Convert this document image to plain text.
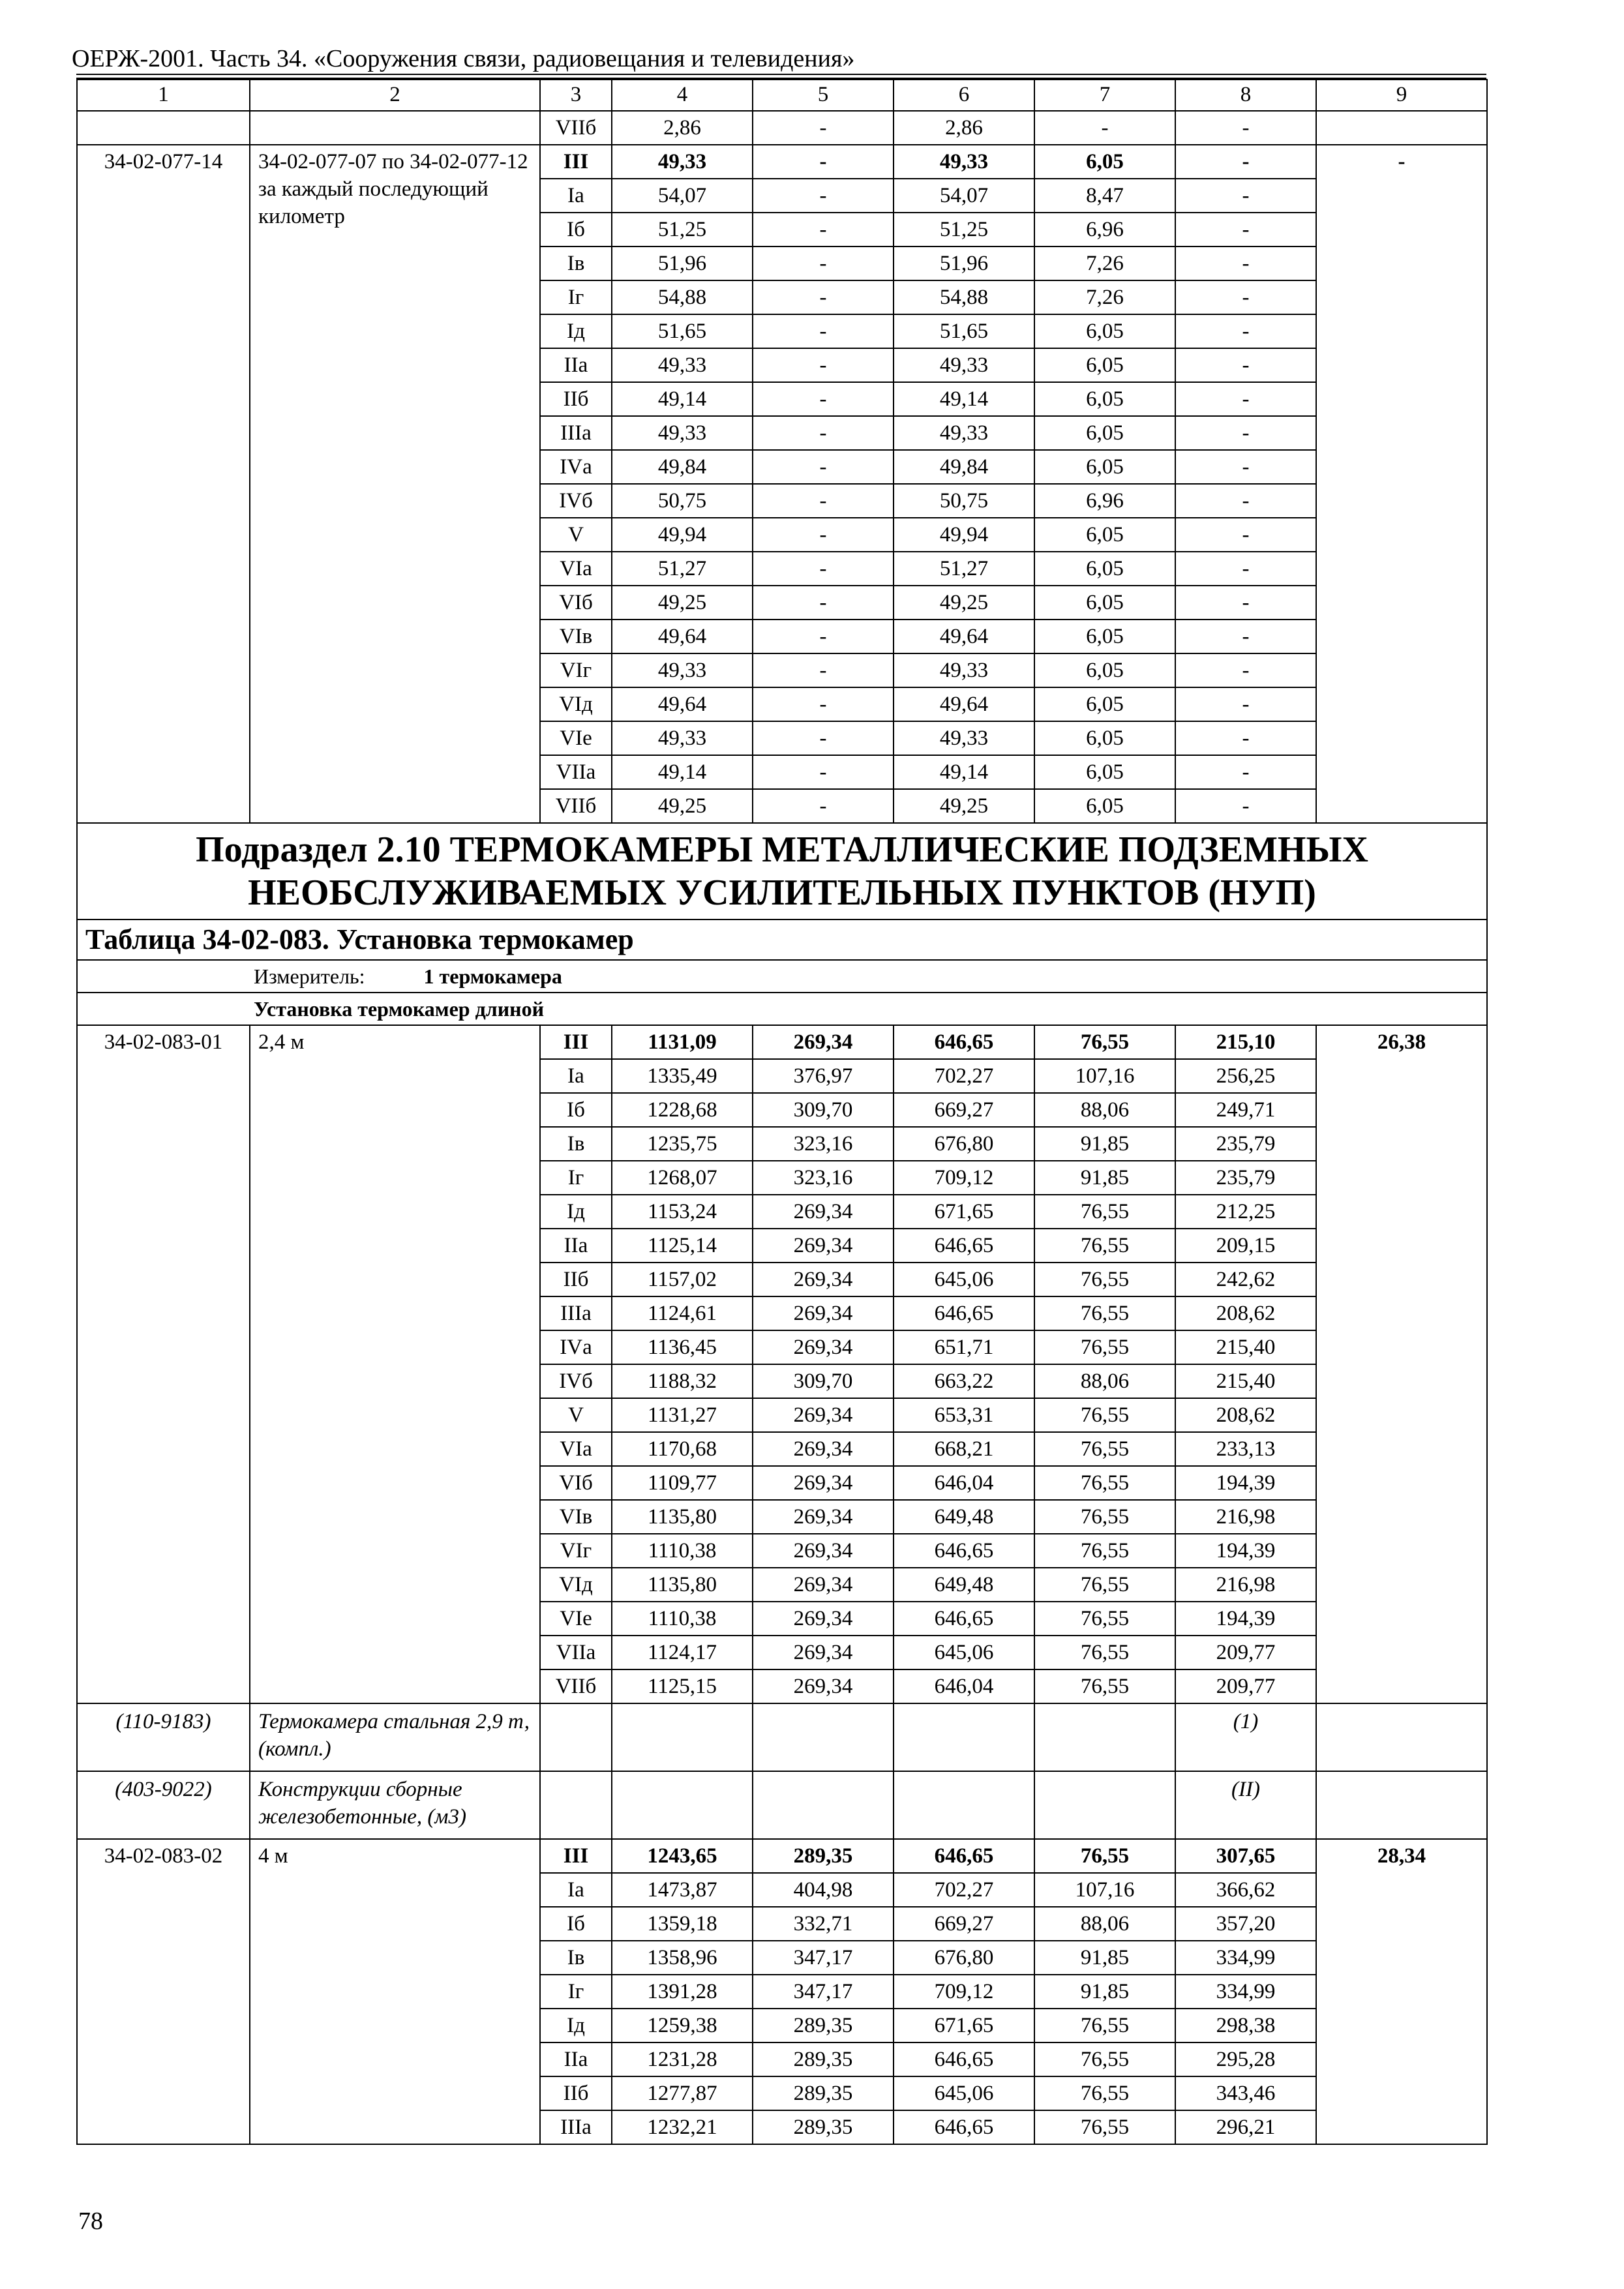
ОЕРЖ-2001. Часть 34. «Сооружения связи, радиовещания и телевидения»
1	2	3	4	5	6	7	8	9
		VIIб	2,86	-	2,86	-	-	
34-02-077-14	34-02-077-07 по 34-02-077-12 за каждый последующий километр	III	49,33	-	49,33	6,05	-	-
		Iа	54,07	-	54,07	8,47	-	
		Iб	51,25	-	51,25	6,96	-	
		Iв	51,96	-	51,96	7,26	-	
		Iг	54,88	-	54,88	7,26	-	
		Iд	51,65	-	51,65	6,05	-	
		IIа	49,33	-	49,33	6,05	-	
		IIб	49,14	-	49,14	6,05	-	
		IIIа	49,33	-	49,33	6,05	-	
		IVа	49,84	-	49,84	6,05	-	
		IVб	50,75	-	50,75	6,96	-	
		V	49,94	-	49,94	6,05	-	
		VIа	51,27	-	51,27	6,05	-	
		VIб	49,25	-	49,25	6,05	-	
		VIв	49,64	-	49,64	6,05	-	
		VIг	49,33	-	49,33	6,05	-	
		VIд	49,64	-	49,64	6,05	-	
		VIе	49,33	-	49,33	6,05	-	
		VIIа	49,14	-	49,14	6,05	-	
		VIIб	49,25	-	49,25	6,05	-	
Подраздел 2.10 ТЕРМОКАМЕРЫ МЕТАЛЛИЧЕСКИЕ ПОДЗЕМНЫХ НЕОБСЛУЖИВАЕМЫХ УСИЛИТЕЛЬНЫХ ПУНКТОВ (НУП)								
Таблица 34-02-083. Установка термокамер								
Измеритель: 1 термокамера								
Установка термокамер длиной								
34-02-083-01	2,4 м	III	1131,09	269,34	646,65	76,55	215,10	26,38
		Iа	1335,49	376,97	702,27	107,16	256,25	
		Iб	1228,68	309,70	669,27	88,06	249,71	
		Iв	1235,75	323,16	676,80	91,85	235,79	
		Iг	1268,07	323,16	709,12	91,85	235,79	
		Iд	1153,24	269,34	671,65	76,55	212,25	
		IIа	1125,14	269,34	646,65	76,55	209,15	
		IIб	1157,02	269,34	645,06	76,55	242,62	
		IIIа	1124,61	269,34	646,65	76,55	208,62	
		IVа	1136,45	269,34	651,71	76,55	215,40	
		IVб	1188,32	309,70	663,22	88,06	215,40	
		V	1131,27	269,34	653,31	76,55	208,62	
		VIа	1170,68	269,34	668,21	76,55	233,13	
		VIб	1109,77	269,34	646,04	76,55	194,39	
		VIв	1135,80	269,34	649,48	76,55	216,98	
		VIг	1110,38	269,34	646,65	76,55	194,39	
		VIд	1135,80	269,34	649,48	76,55	216,98	
		VIе	1110,38	269,34	646,65	76,55	194,39	
		VIIа	1124,17	269,34	645,06	76,55	209,77	
		VIIб	1125,15	269,34	646,04	76,55	209,77	
(110-9183)	Термокамера стальная 2,9 т, (компл.)						(1)	
(403-9022)	Конструкции сборные железобетонные, (м3)						(II)	
34-02-083-02	4 м	III	1243,65	289,35	646,65	76,55	307,65	28,34
		Iа	1473,87	404,98	702,27	107,16	366,62	
		Iб	1359,18	332,71	669,27	88,06	357,20	
		Iв	1358,96	347,17	676,80	91,85	334,99	
		Iг	1391,28	347,17	709,12	91,85	334,99	
		Iд	1259,38	289,35	671,65	76,55	298,38	
		IIа	1231,28	289,35	646,65	76,55	295,28	
		IIб	1277,87	289,35	645,06	76,55	343,46	
		IIIа	1232,21	289,35	646,65	76,55	296,21	
78
